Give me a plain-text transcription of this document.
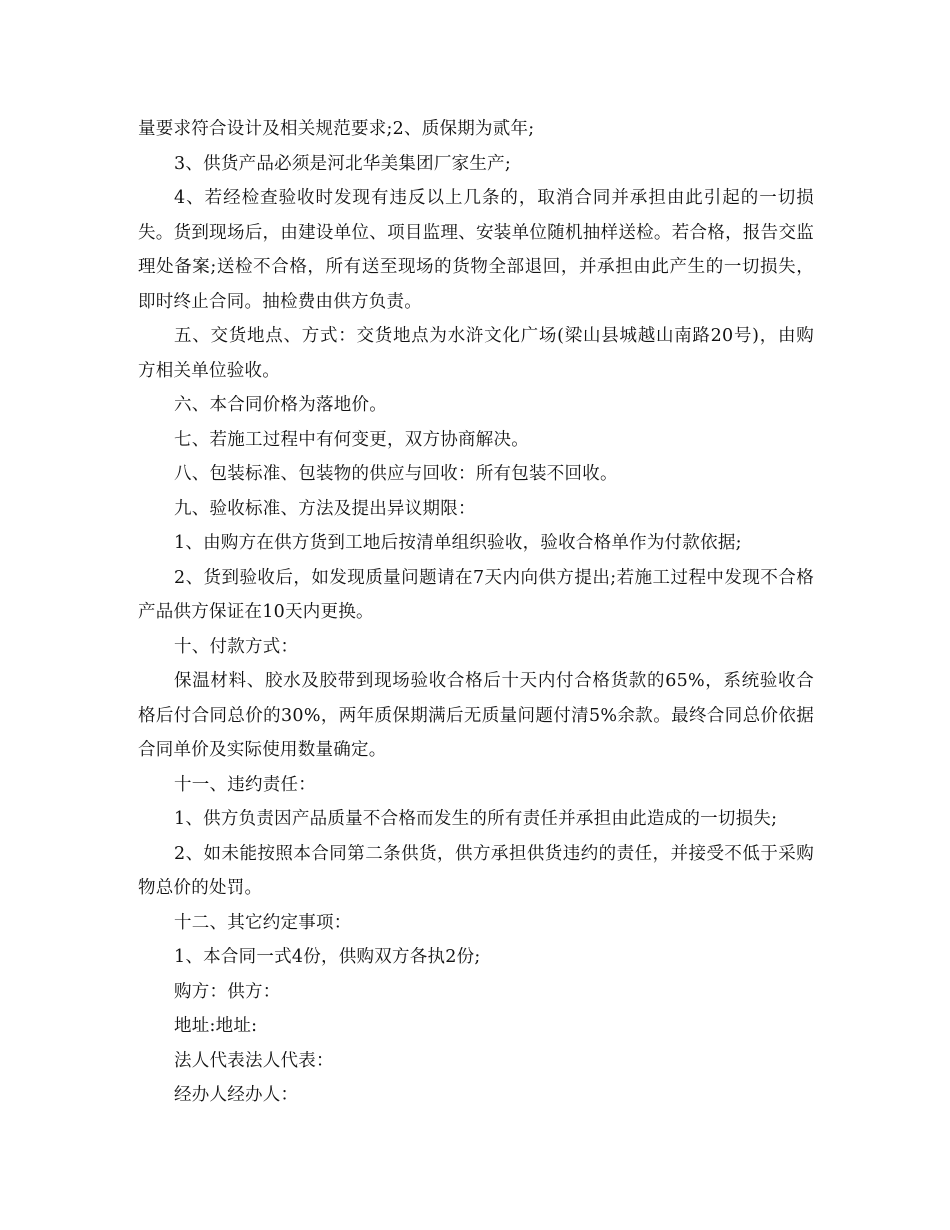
量要求符合设计及相关规范要求;2、质保期为贰年;

3、供货产品必须是河北华美集团厂家生产;

4、若经检查验收时发现有违反以上几条的，取消合同并承担由此引起的一切损失。货到现场后，由建设单位、项目监理、安装单位随机抽样送检。若合格，报告交监理处备案;送检不合格，所有送至现场的货物全部退回，并承担由此产生的一切损失，即时终止合同。抽检费由供方负责。

五、交货地点、方式：交货地点为水浒文化广场(梁山县城越山南路20号)，由购方相关单位验收。

六、本合同价格为落地价。

七、若施工过程中有何变更，双方协商解决。

八、包装标准、包装物的供应与回收：所有包装不回收。

九、验收标准、方法及提出异议期限：

1、由购方在供方货到工地后按清单组织验收，验收合格单作为付款依据;

2、货到验收后，如发现质量问题请在7天内向供方提出;若施工过程中发现不合格产品供方保证在10天内更换。

十、付款方式：

保温材料、胶水及胶带到现场验收合格后十天内付合格货款的65%，系统验收合格后付合同总价的30%，两年质保期满后无质量问题付清5%余款。最终合同总价依据合同单价及实际使用数量确定。

十一、违约责任：

1、供方负责因产品质量不合格而发生的所有责任并承担由此造成的一切损失;

2、如未能按照本合同第二条供货，供方承担供货违约的责任，并接受不低于采购物总价的处罚。

十二、其它约定事项：

1、本合同一式4份，供购双方各执2份;

购方：供方：

地址:地址:

法人代表法人代表：

经办人经办人：
